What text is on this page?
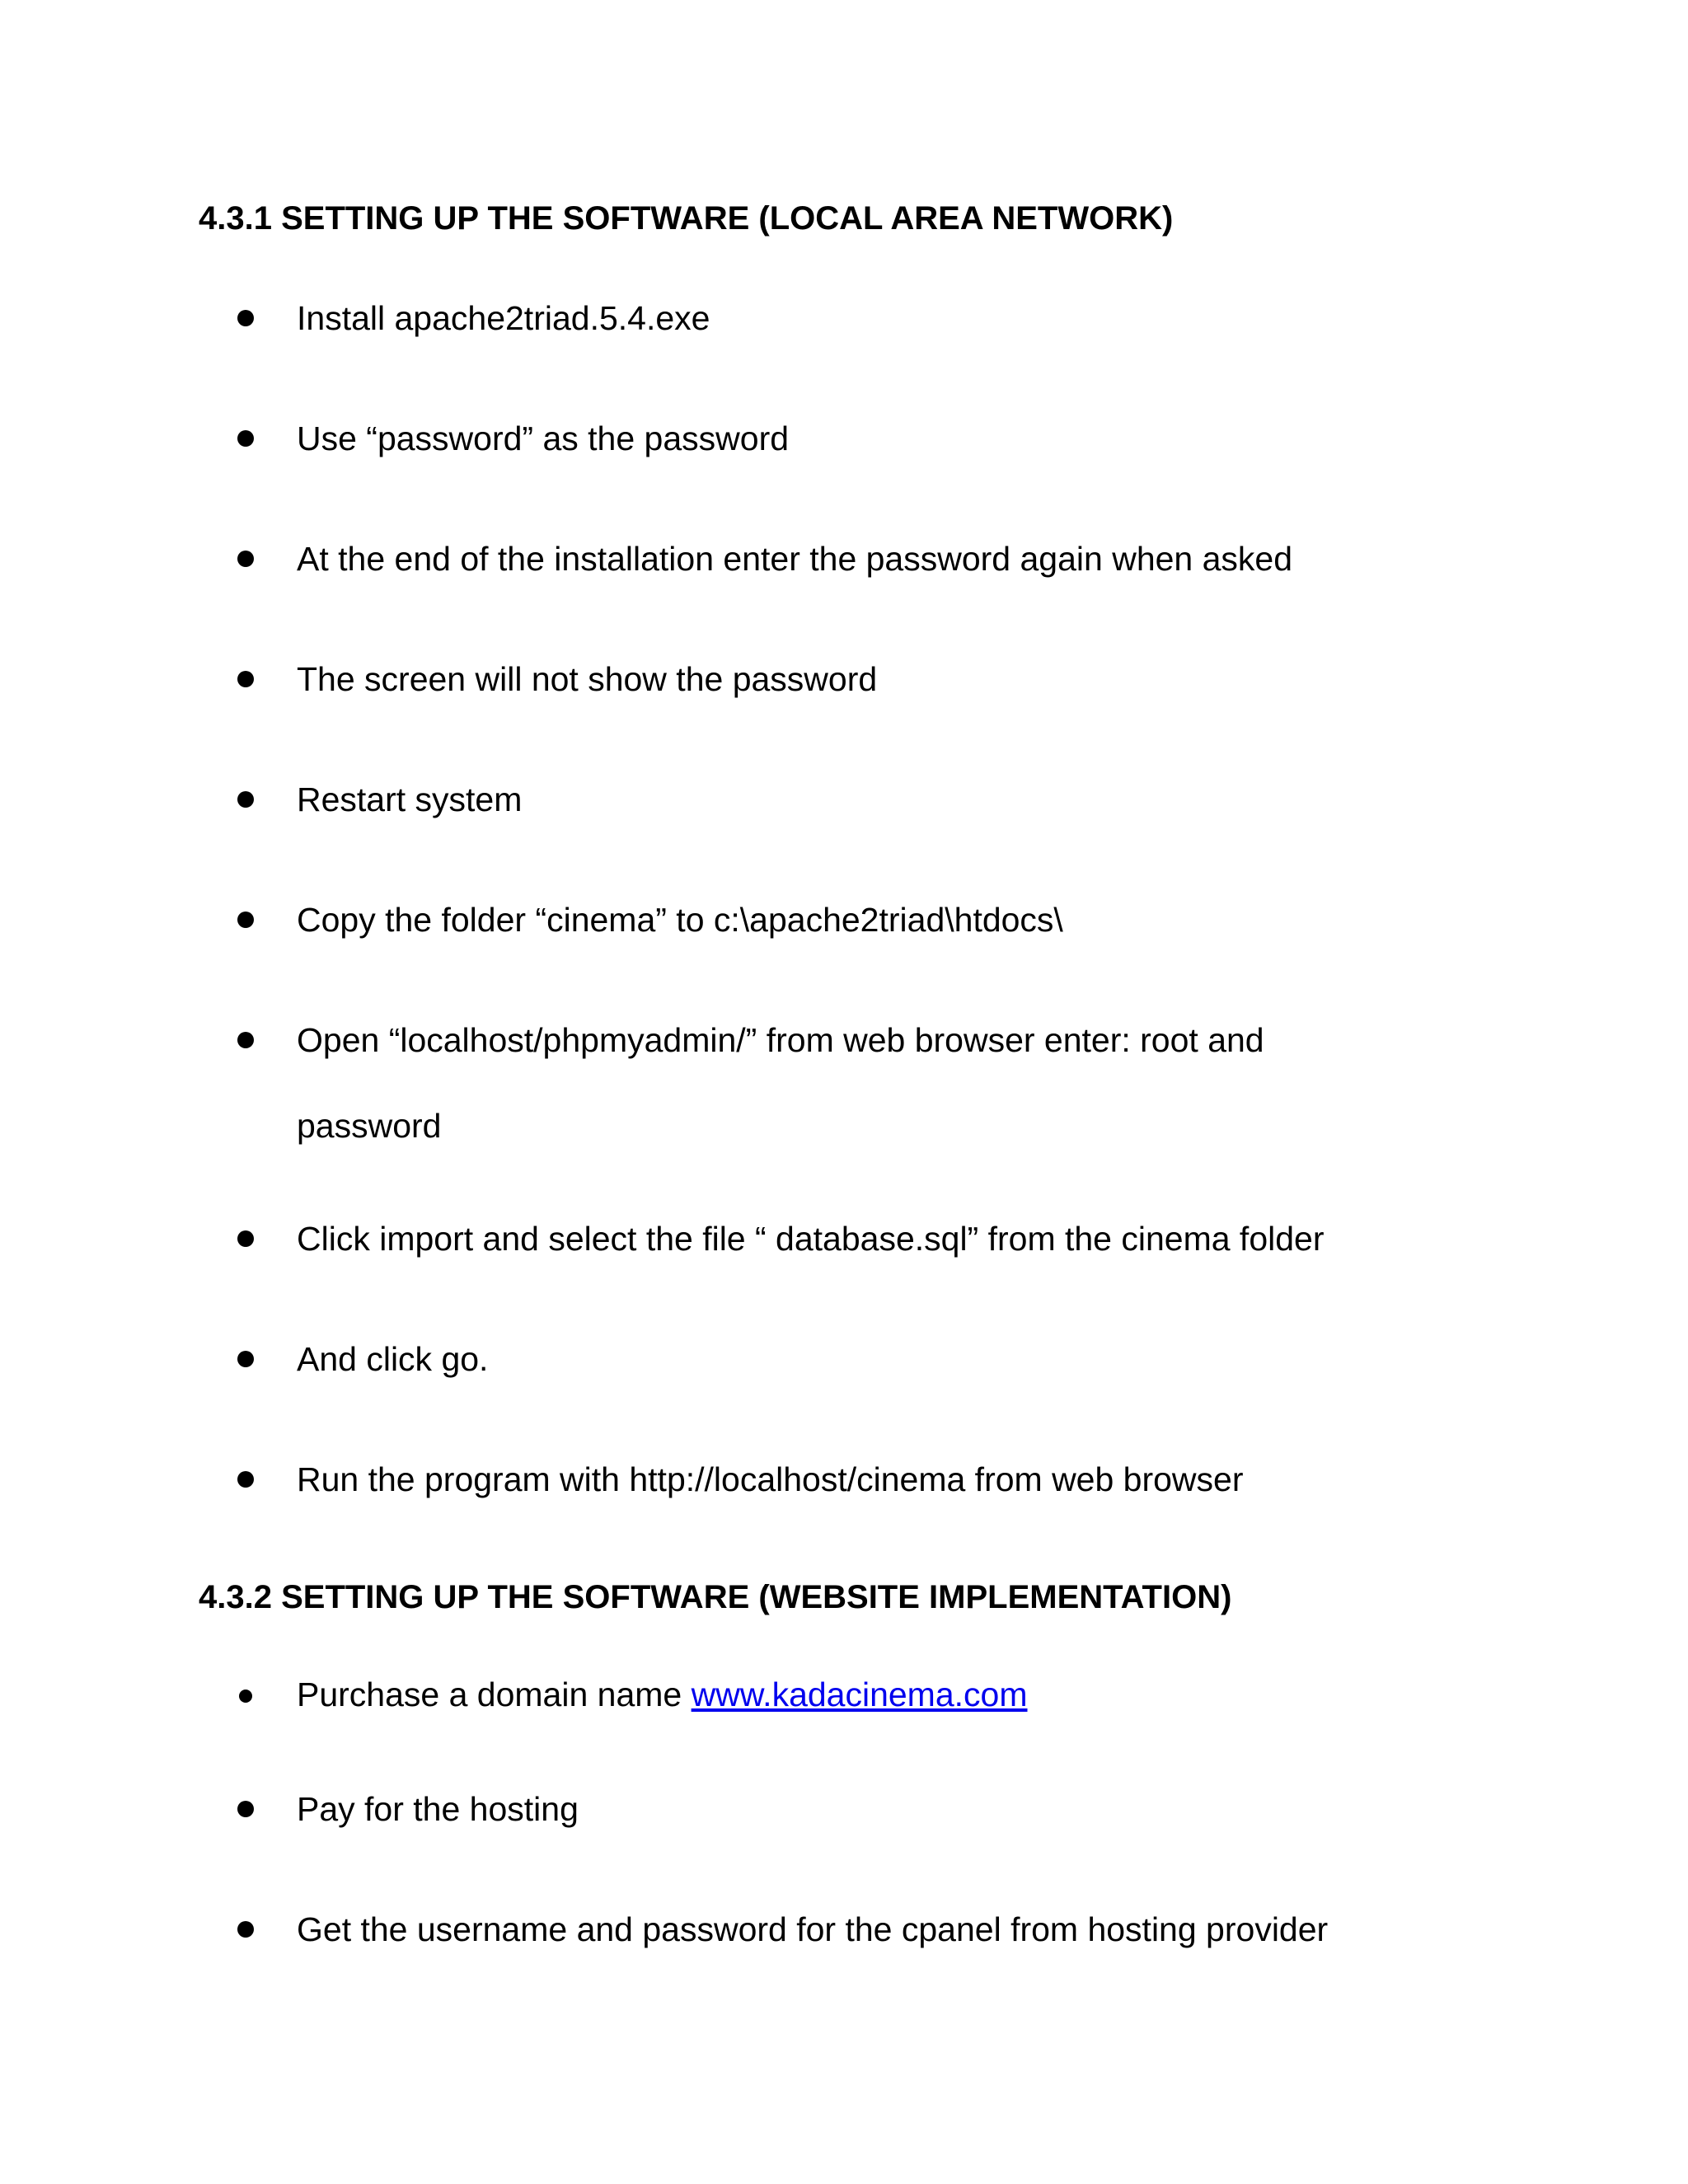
4.3.1 SETTING UP THE SOFTWARE (LOCAL AREA NETWORK)
Install apache2triad.5.4.exe
Use “password” as the password
At the end of the installation enter the password again when asked
The screen will not show the password
Restart system
Copy the folder “cinema” to c:\apache2triad\htdocs\
Open “localhost/phpmyadmin/” from web browser enter: root and
password
Click import and select the file “ database.sql” from the cinema folder
And click go.
Run the program with http://localhost/cinema from web browser
4.3.2 SETTING UP THE SOFTWARE (WEBSITE IMPLEMENTATION)
Purchase a domain name www.kadacinema.com
Pay for the hosting
Get the username and password for the cpanel from hosting provider
